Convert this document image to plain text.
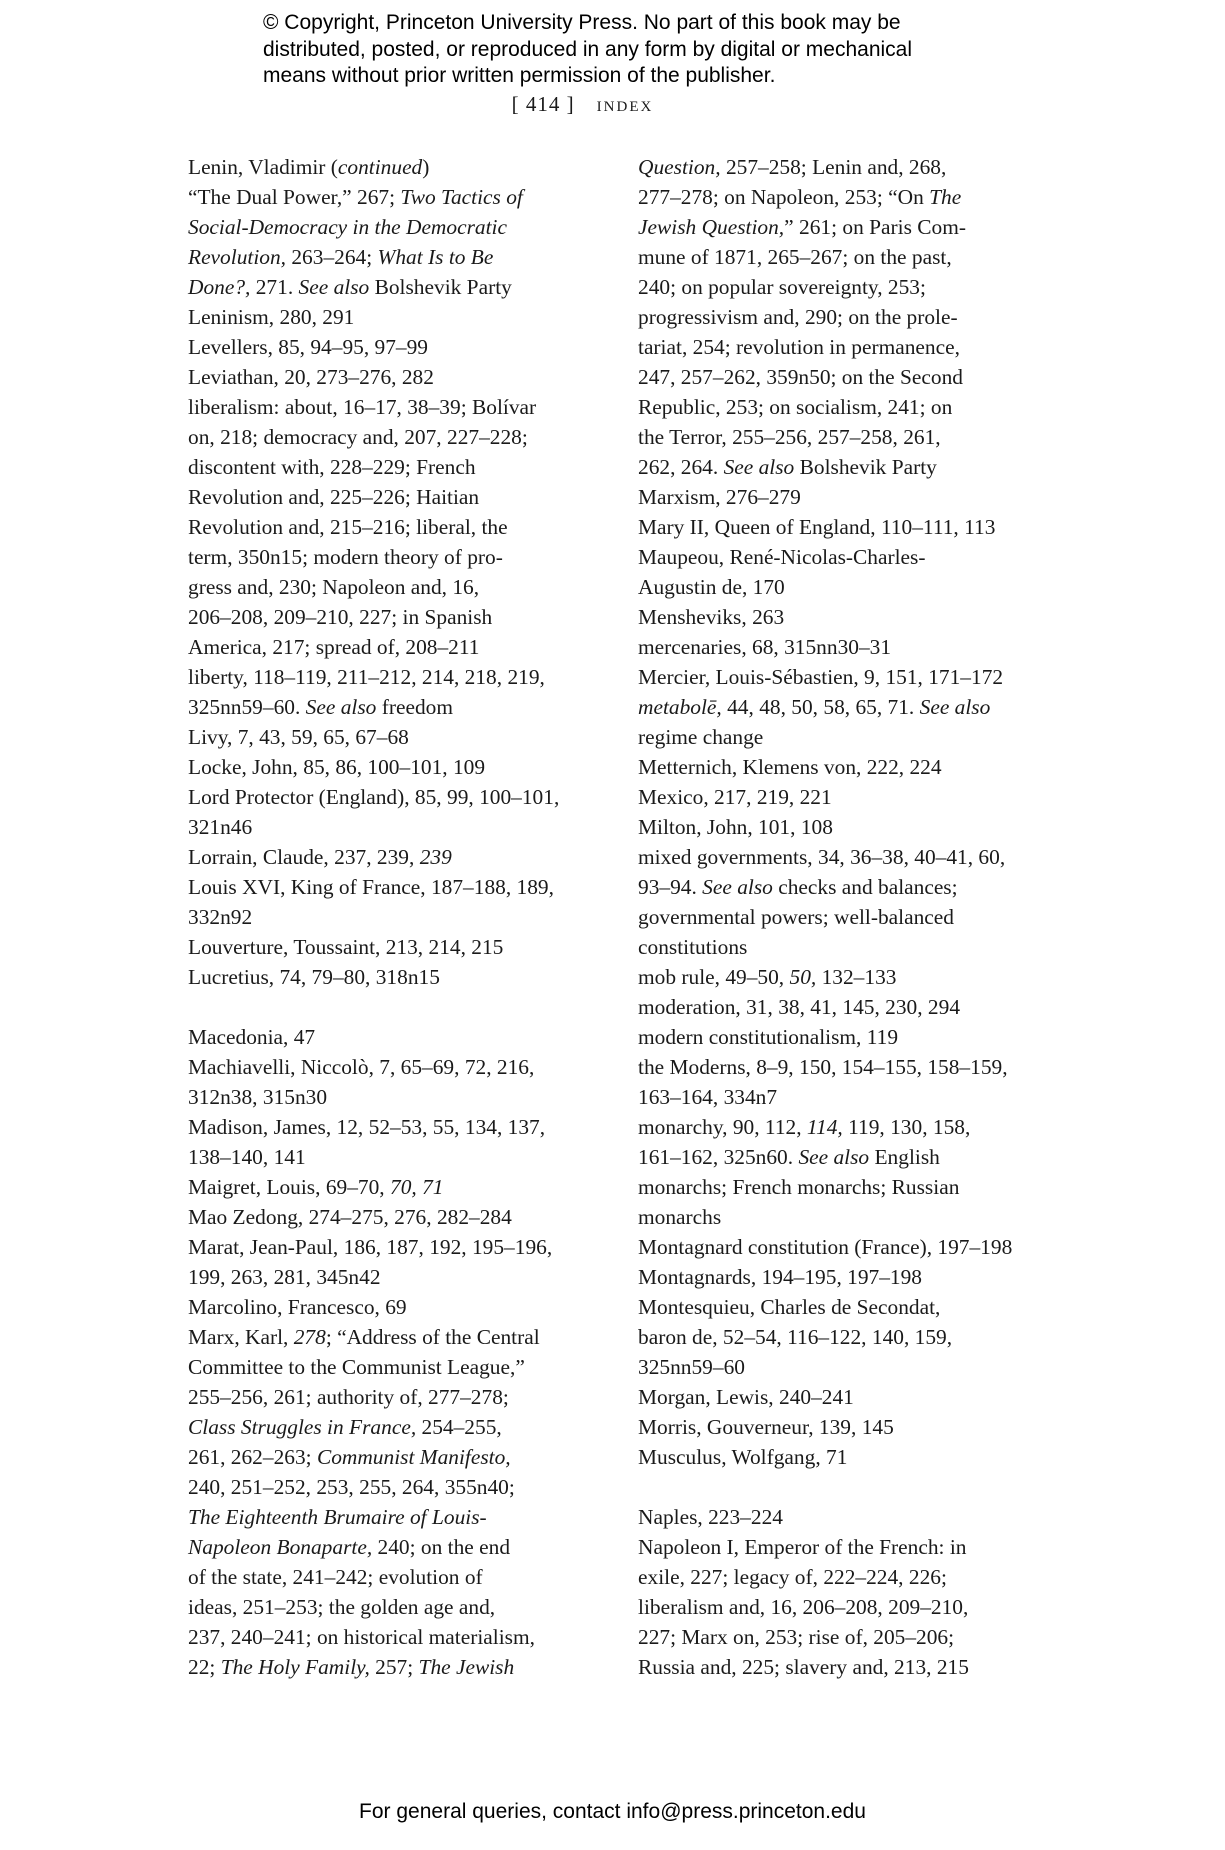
© Copyright, Princeton University Press. No part of this book may be
distributed, posted, or reproduced in any form by digital or mechanical
means without prior written permission of the publisher.
[ 414 ] index
Lenin, Vladimir (continued)
“The Dual Power,” 267; Two Tactics of
Social-Democracy in the Democratic
Revolution, 263–264; What Is to Be
Done?, 271. See also Bolshevik Party
Leninism, 280, 291
Levellers, 85, 94–95, 97–99
Leviathan, 20, 273–276, 282
liberalism: about, 16–17, 38–39; Bolívar
on, 218; democracy and, 207, 227–228;
discontent with, 228–229; French
Revolution and, 225–226; Haitian
Revolution and, 215–216; liberal, the
term, 350n15; modern theory of pro-
gress and, 230; Napoleon and, 16,
206–208, 209–210, 227; in Spanish
America, 217; spread of, 208–211
liberty, 118–119, 211–212, 214, 218, 219,
325nn59–60. See also freedom
Livy, 7, 43, 59, 65, 67–68
Locke, John, 85, 86, 100–101, 109
Lord Protector (England), 85, 99, 100–101,
321n46
Lorrain, Claude, 237, 239, 239
Louis XVI, King of France, 187–188, 189,
332n92
Louverture, Toussaint, 213, 214, 215
Lucretius, 74, 79–80, 318n15
Macedonia, 47
Machiavelli, Niccolò, 7, 65–69, 72, 216,
312n38, 315n30
Madison, James, 12, 52–53, 55, 134, 137,
138–140, 141
Maigret, Louis, 69–70, 70, 71
Mao Zedong, 274–275, 276, 282–284
Marat, Jean-Paul, 186, 187, 192, 195–196,
199, 263, 281, 345n42
Marcolino, Francesco, 69
Marx, Karl, 278; “Address of the Central
Committee to the Communist League,”
255–256, 261; authority of, 277–278;
Class Struggles in France, 254–255,
261, 262–263; Communist Manifesto,
240, 251–252, 253, 255, 264, 355n40;
The Eighteenth Brumaire of Louis-
Napoleon Bonaparte, 240; on the end
of the state, 241–242; evolution of
ideas, 251–253; the golden age and,
237, 240–241; on historical materialism,
22; The Holy Family, 257; The Jewish
Question, 257–258; Lenin and, 268,
277–278; on Napoleon, 253; “On The
Jewish Question,” 261; on Paris Com-
mune of 1871, 265–267; on the past,
240; on popular sovereignty, 253;
progressivism and, 290; on the prole-
tariat, 254; revolution in permanence,
247, 257–262, 359n50; on the Second
Republic, 253; on socialism, 241; on
the Terror, 255–256, 257–258, 261,
262, 264. See also Bolshevik Party
Marxism, 276–279
Mary II, Queen of England, 110–111, 113
Maupeou, René-Nicolas-Charles-
Augustin de, 170
Mensheviks, 263
mercenaries, 68, 315nn30–31
Mercier, Louis-Sébastien, 9, 151, 171–172
metabolē, 44, 48, 50, 58, 65, 71. See also
regime change
Metternich, Klemens von, 222, 224
Mexico, 217, 219, 221
Milton, John, 101, 108
mixed governments, 34, 36–38, 40–41, 60,
93–94. See also checks and balances;
governmental powers; well-balanced
constitutions
mob rule, 49–50, 50, 132–133
moderation, 31, 38, 41, 145, 230, 294
modern constitutionalism, 119
the Moderns, 8–9, 150, 154–155, 158–159,
163–164, 334n7
monarchy, 90, 112, 114, 119, 130, 158,
161–162, 325n60. See also English
monarchs; French monarchs; Russian
monarchs
Montagnard constitution (France), 197–198
Montagnards, 194–195, 197–198
Montesquieu, Charles de Secondat,
baron de, 52–54, 116–122, 140, 159,
325nn59–60
Morgan, Lewis, 240–241
Morris, Gouverneur, 139, 145
Musculus, Wolfgang, 71
Naples, 223–224
Napoleon I, Emperor of the French: in
exile, 227; legacy of, 222–224, 226;
liberalism and, 16, 206–208, 209–210,
227; Marx on, 253; rise of, 205–206;
Russia and, 225; slavery and, 213, 215
For general queries, contact info@press.princeton.edu
